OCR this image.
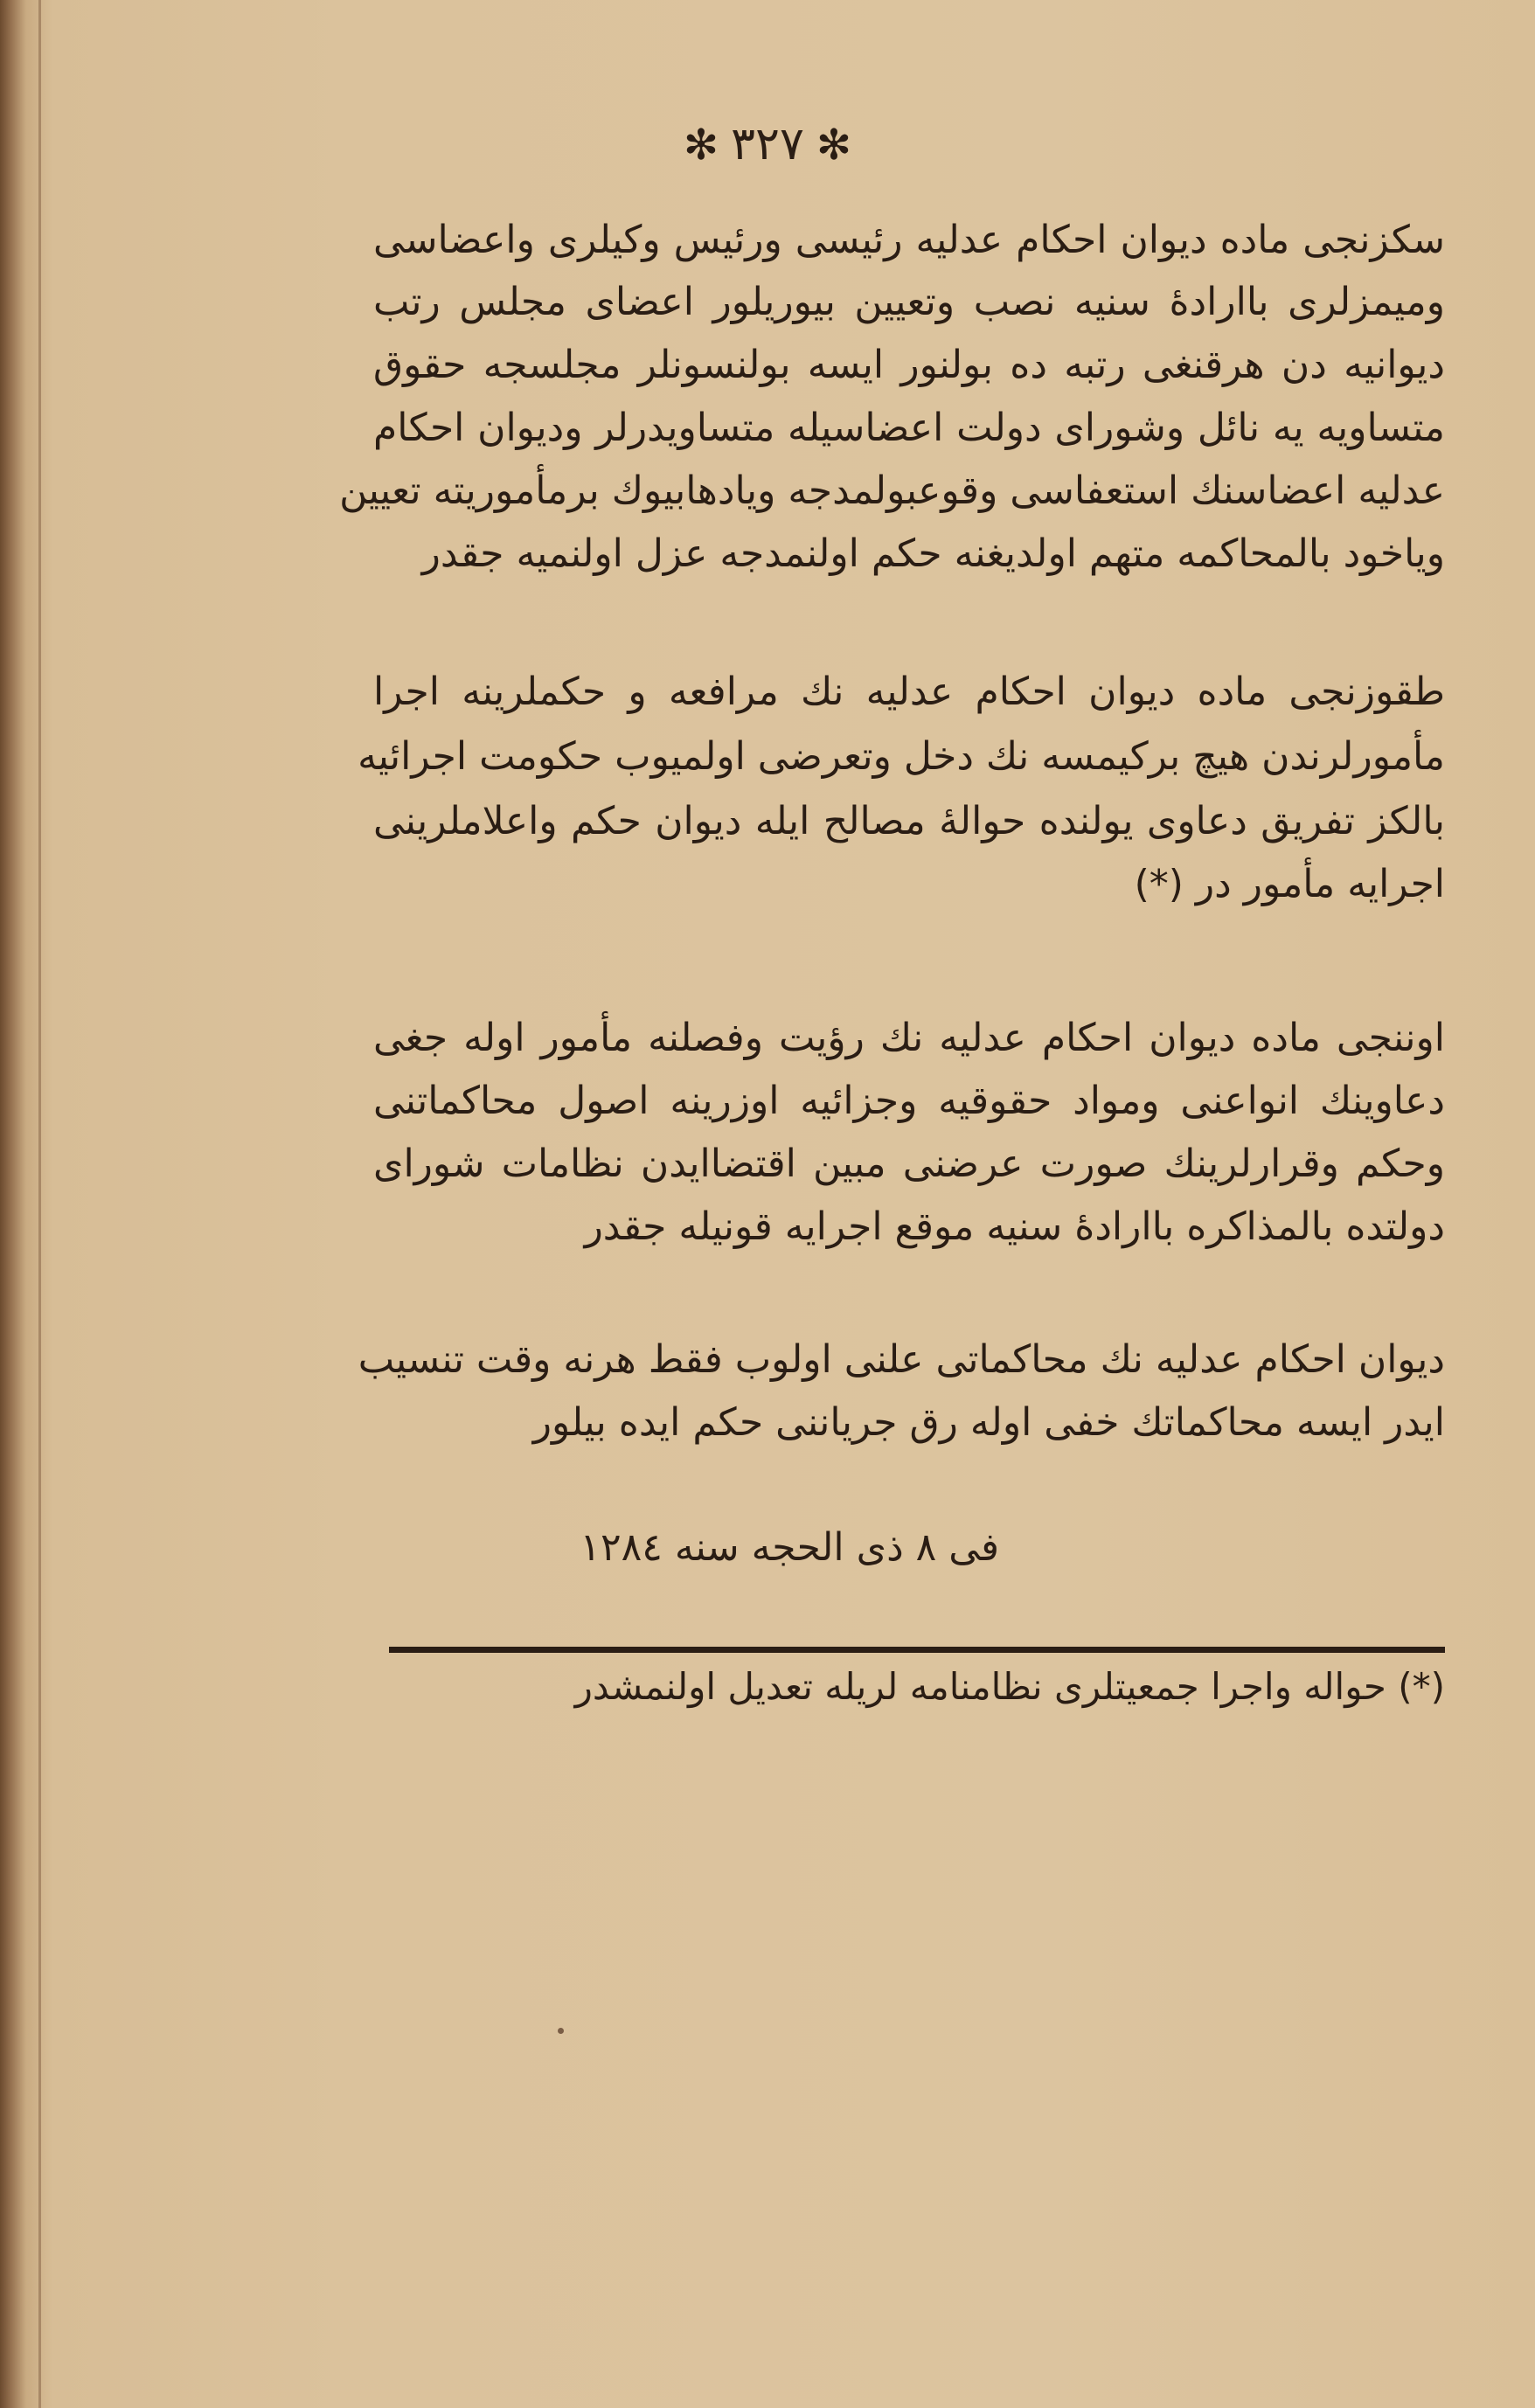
✻ ۳۲۷ ✻
سكزنجی ماده دیوان احكام عدلیه رئیسی ورئیس وكیلری واعضاسی
ومیمزلری باارادۀ سنیه نصب وتعیین بیوریلور اعضای مجلس رتب
دیوانیه دن هرقنغی رتبه ده بولنور ایسه بولنسونلر مجلسجه حقوق
متساویه یه نائل وشورای دولت اعضاسیله متساویدرلر ودیوان احكام
عدلیه اعضاسنك استعفاسی وقوعبولمدجه ویادهابیوك برمأموریته تعیین
وياخود بالمحاكمه متهم اولدیغنه حكم اولنمدجه عزل اولنمیه جقدر
طقوزنجی ماده دیوان احكام عدلیه نك مرافعه و حكملرینه اجرا
مأمورلرندن هیچ بركیمسه نك دخل وتعرضی اولمیوب حكومت اجرائیه
بالكز تفریق دعاوی یولنده حوالۀ مصالح ایله دیوان حكم واعلاملرینی
اجرایه مأمور در (*)
اوننجی ماده دیوان احكام عدلیه نك رؤیت وفصلنه مأمور اوله جغی
دعاوینك انواعنی ومواد حقوقیه وجزائیه اوزرینه اصول محاكماتنی
وحكم وقرارلرینك صورت عرضنی مبین اقتضاایدن نظامات شورای
دولتده بالمذاكره باارادۀ سنیه موقع اجرایه قونیله جقدر
دیوان احكام عدلیه نك محاكماتی علنی اولوب فقط هرنه وقت تنسیب
ایدر ایسه محاكماتك خفی اوله رق جریاننی حكم ایده بیلور
فی ۸ ذی الحجه سنه ۱۲۸٤
(*) حواله واجرا جمعیتلری نظامنامه لریله تعدیل اولنمشدر
